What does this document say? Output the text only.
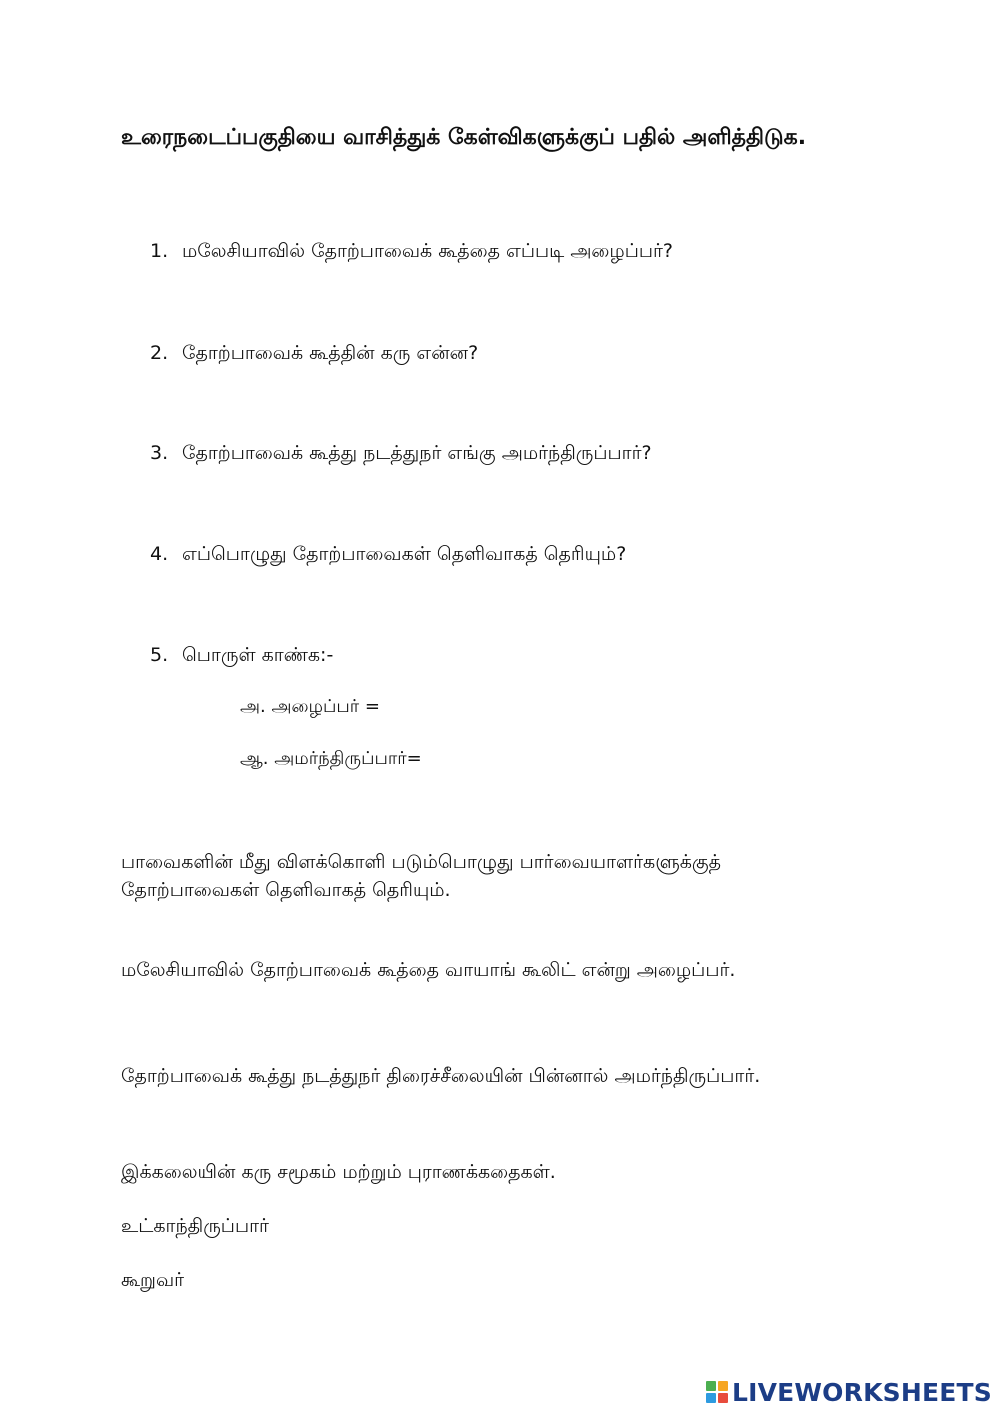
உரைநடைப்பகுதியை வாசித்துக் கேள்விகளுக்குப் பதில் அளித்திடுக.
1. மலேசியாவில் தோற்பாவைக் கூத்தை எப்படி அழைப்பர்?
2. தோற்பாவைக் கூத்தின் கரு என்ன?
3. தோற்பாவைக் கூத்து நடத்துநர் எங்கு அமர்ந்திருப்பார்?
4. எப்பொழுது தோற்பாவைகள் தெளிவாகத் தெரியும்?
5. பொருள் காண்க:-
அ. அழைப்பர் =
ஆ. அமர்ந்திருப்பார்=
பாவைகளின் மீது விளக்கொளி படும்பொழுது பார்வையாளர்களுக்குத் தோற்பாவைகள் தெளிவாகத் தெரியும்.
மலேசியாவில் தோற்பாவைக் கூத்தை வாயாங் கூலிட் என்று அழைப்பர்.
தோற்பாவைக் கூத்து நடத்துநர் திரைச்சீலையின் பின்னால் அமர்ந்திருப்பார்.
இக்கலையின் கரு சமூகம் மற்றும் புராணக்கதைகள்.
உட்காந்திருப்பார்
கூறுவர்
LIVEWORKSHEETS
